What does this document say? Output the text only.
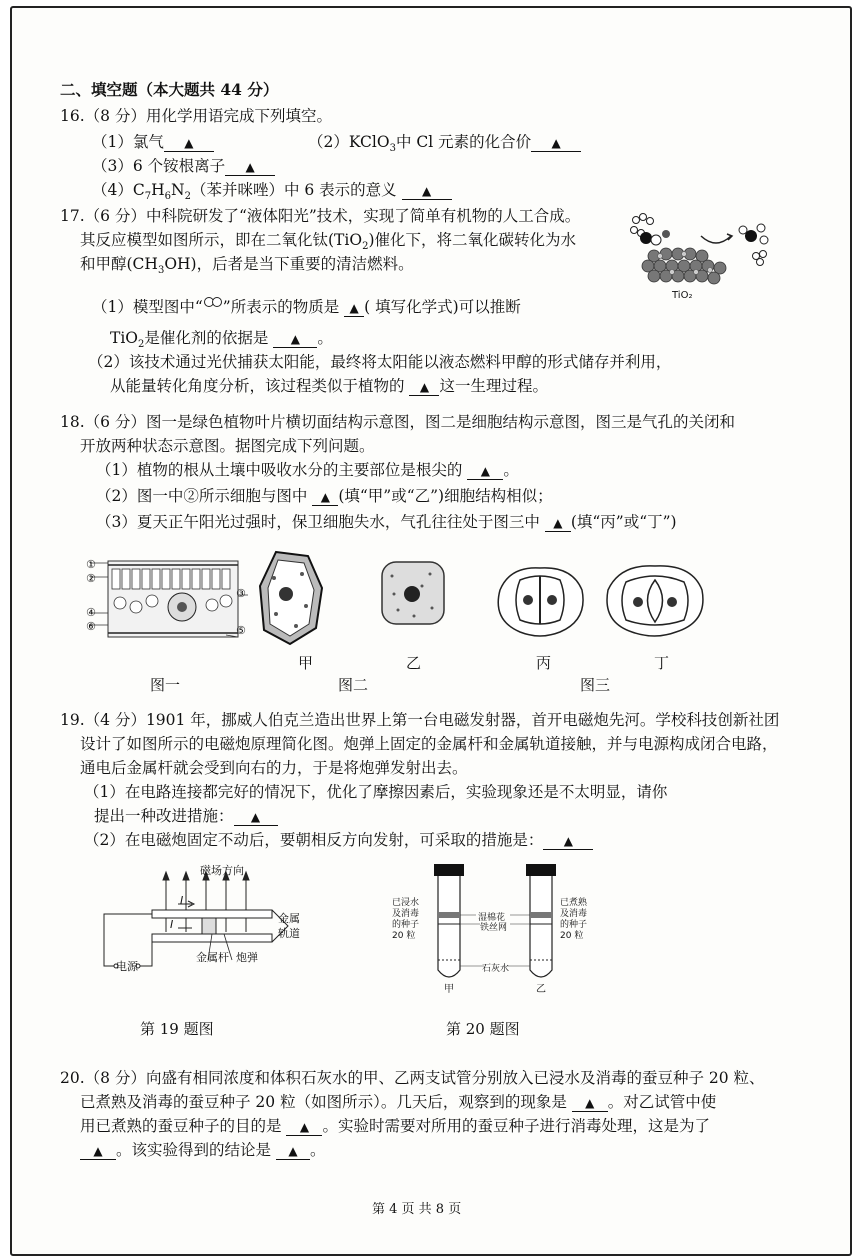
二、填空题（本大题共 44 分）
16.（8 分）用化学用语完成下列填空。
（1）氯气 ▲	（2）KClO$_3$中 Cl 元素的化合价 ▲
（3）6 个铵根离子 ▲
$(4)C_7H_6N_2$（苯并咪唑）中 6 表示的意义 ▲
17.（6 分）中科院研发了“液体阳光”技术，实现了简单有机物的人工合成。
其反应模型如图所示，即在二氧化钛(TiO$_2$)催化下，将二氧化碳转化为水
和甲醇$(CH_3OH)$，后者是当下重要的清洁燃料。
TiO₂
（1）模型图中“ ”所表示的物质是 ▲ ( 填写化学式)可以推断
TiO$_2$是催化剂的依据是 ▲ 。
（2）该技术通过光伏捕获太阳能，最终将太阳能以液态燃料甲醇的形式储存并利用，
从能量转化角度分析，该过程类似于植物的 ▲ 这一生理过程。
18.（6 分）图一是绿色植物叶片横切面结构示意图，图二是细胞结构示意图，图三是气孔的关闭和
开放两种状态示意图。据图完成下列问题。
（1）植物的根从土壤中吸收水分的主要部位是根尖的 ▲ 。
（2）图一中②所示细胞与图中 ▲ (填“甲”或“乙”)细胞结构相似；
（3）夏天正午阳光过强时，保卫细胞失水，气孔往往处于图三中 ▲ (填“丙”或“丁”)
①
②
③
④
⑤
⑥
甲	乙	丙	丁
图一	图二	图三
19.（4 分）1901 年，挪威人伯克兰造出世界上第一台电磁发射器，首开电磁炮先河。学校科技创新社团
设计了如图所示的电磁炮原理简化图。炮弹上固定的金属杆和金属轨道接触，并与电源构成闭合电路，
通电后金属杆就会受到向右的力，于是将炮弹发射出去。
（1）在电路连接都完好的情况下，优化了摩擦因素后，实验现象还是不太明显，请你
提出一种改进措施： ▲
（2）在电磁炮固定不动后，要朝相反方向发射，可采取的措施是： ▲
磁场方向
金属
轨道
电源
金属杆 炮弹
I
I
第 19 题图
已浸水
及消毒
的种子
20 粒
已煮熟
及消毒
的种子
20 粒
湿棉花
铁丝网
石灰水
甲	乙
第 20 题图
20.（8 分）向盛有相同浓度和体积石灰水的甲、乙两支试管分别放入已浸水及消毒的蚕豆种子 20 粒、
已煮熟及消毒的蚕豆种子 20 粒（如图所示）。几天后，观察到的现象是 ▲ 。对乙试管中使
用已煮熟的蚕豆种子的目的是 ▲ 。实验时需要对所用的蚕豆种子进行消毒处理，这是为了
▲ 。该实验得到的结论是 ▲ 。
第 4 页 共 8 页
